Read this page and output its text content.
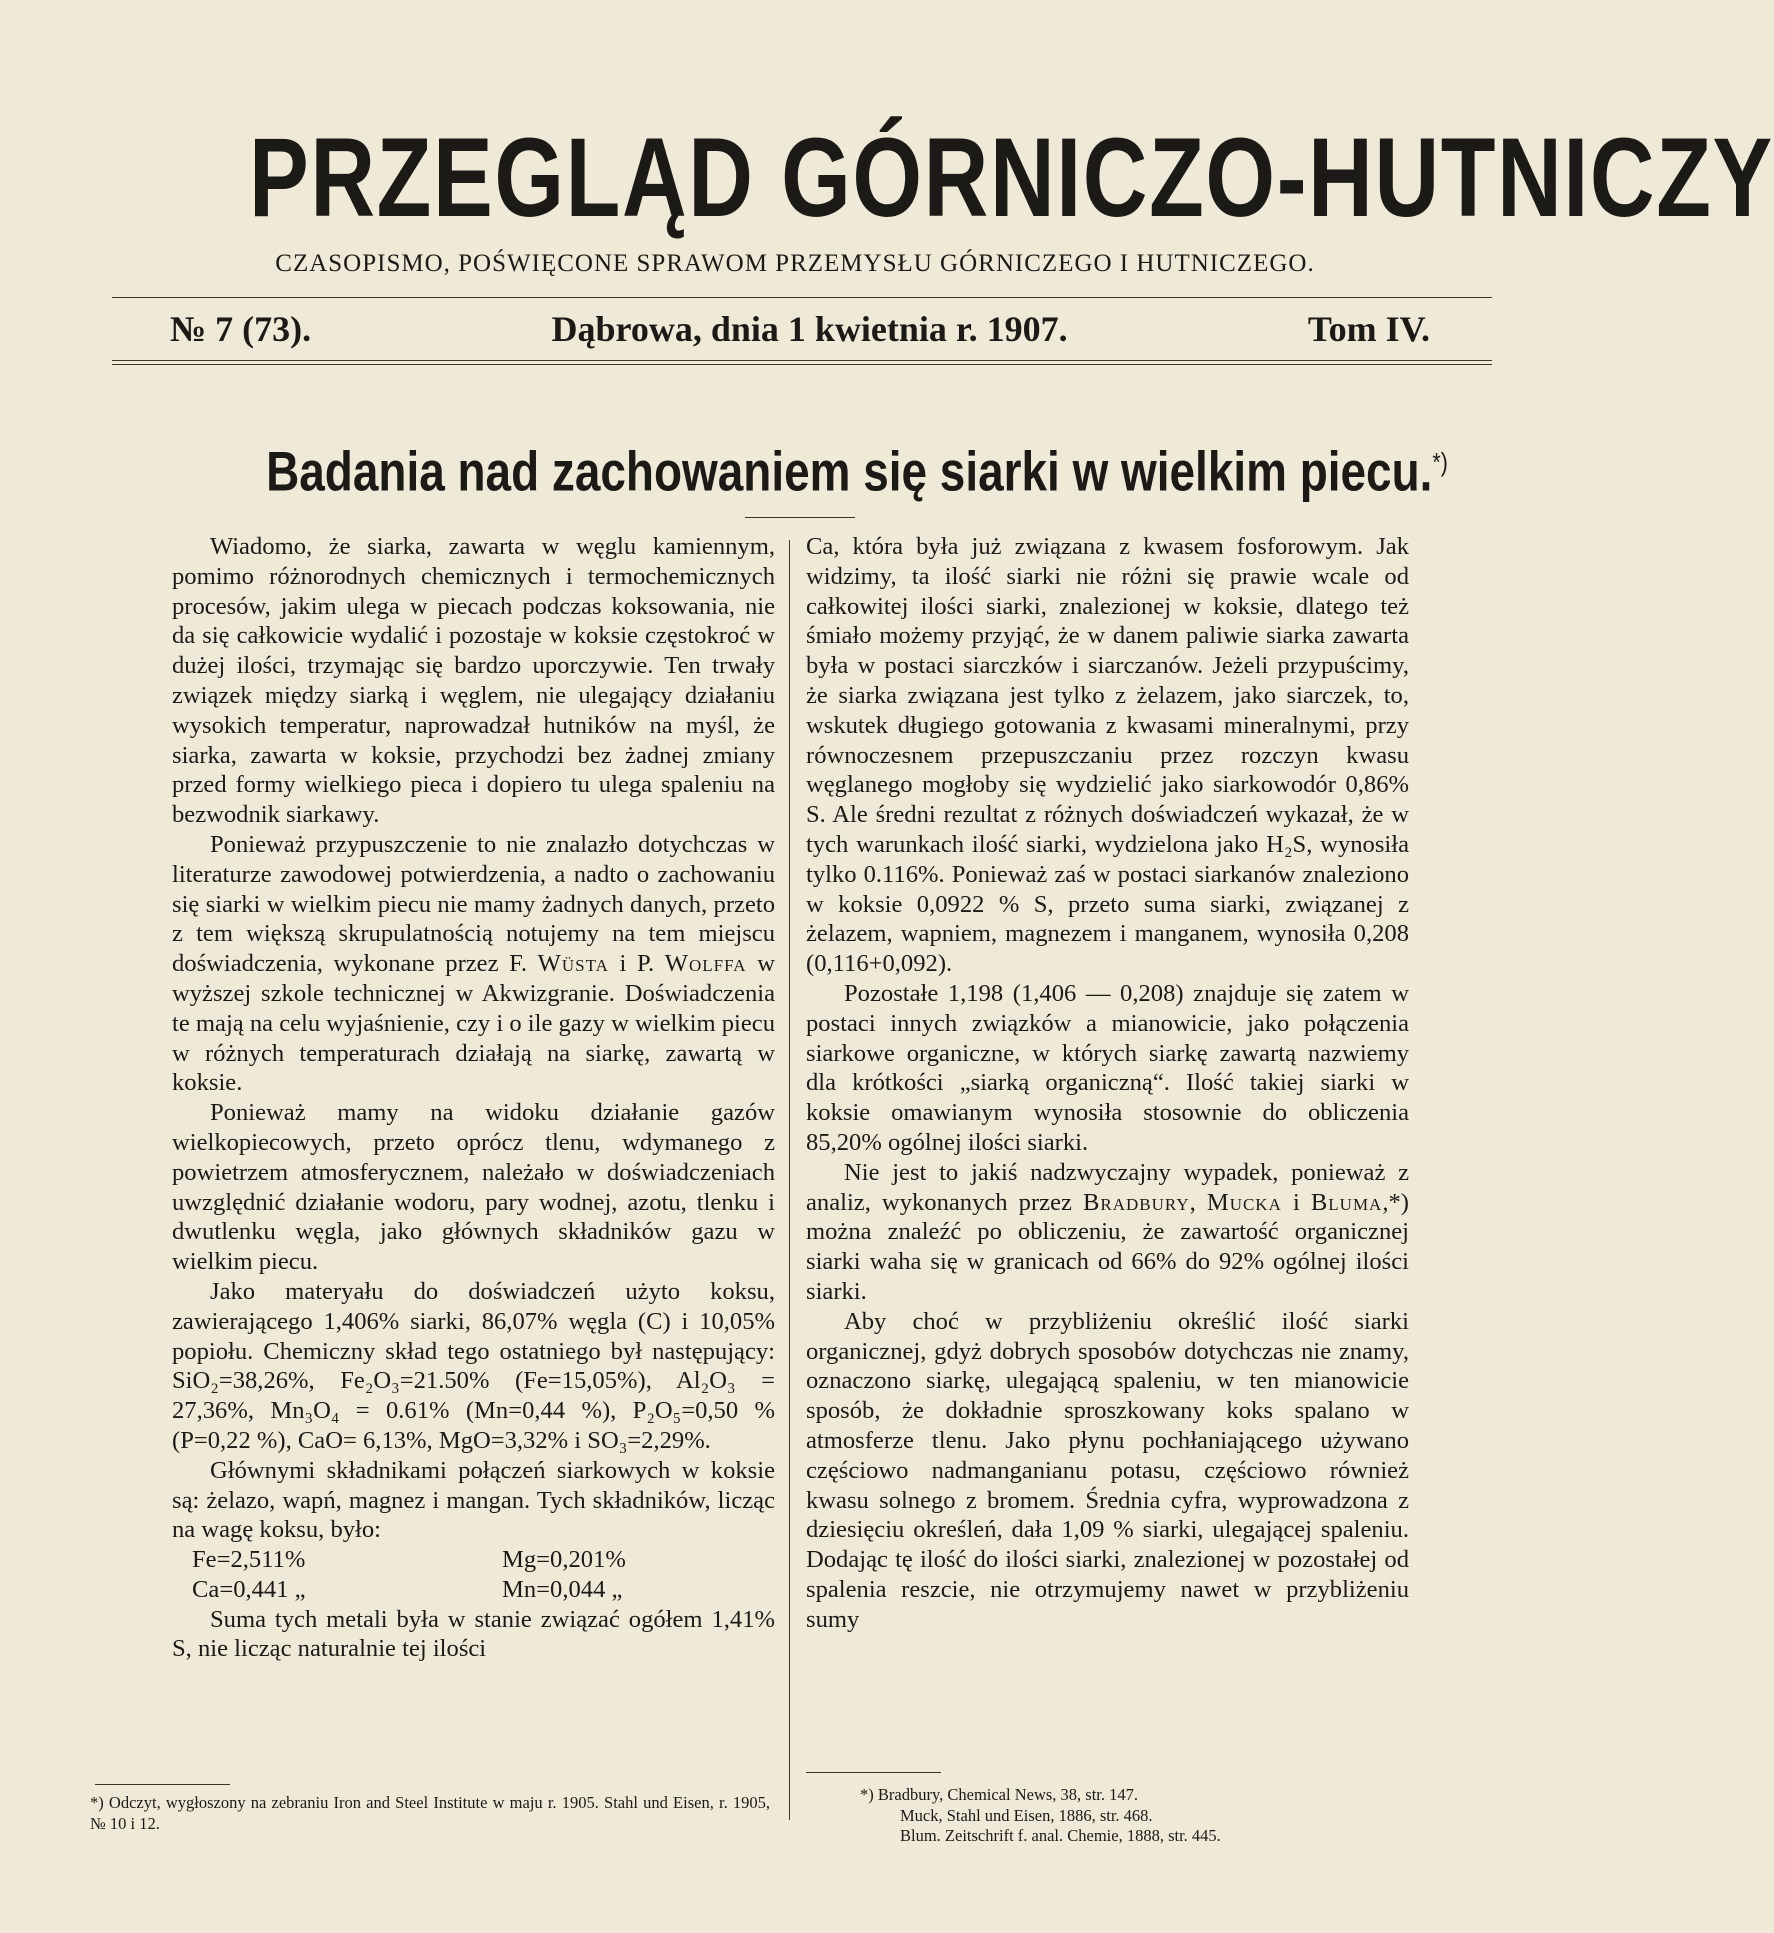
PRZEGLĄD GÓRNICZO-HUTNICZY
CZASOPISMO, POŚWIĘCONE SPRAWOM PRZEMYSŁU GÓRNICZEGO I HUTNICZEGO.
№ 7 (73).	Dąbrowa, dnia 1 kwietnia r. 1907.	Tom IV.
Badania nad zachowaniem się siarki w wielkim piecu.*)

Wiadomo, że siarka, zawarta w węglu kamiennym, pomimo różnorodnych chemicznych i termochemicznych procesów, jakim ulega w piecach podczas koksowania, nie da się całkowicie wydalić i pozostaje w koksie częstokroć w dużej ilości, trzymając się bardzo uporczywie. Ten trwały związek między siarką i węglem, nie ulegający działaniu wysokich temperatur, naprowadzał hutników na myśl, że siarka, zawarta w koksie, przychodzi bez żadnej zmiany przed formy wielkiego pieca i dopiero tu ulega spaleniu na bezwodnik siarkawy.

Ponieważ przypuszczenie to nie znalazło dotychczas w literaturze zawodowej potwierdzenia, a nadto o zachowaniu się siarki w wielkim piecu nie mamy żadnych danych, przeto z tem większą skrupulatnością notujemy na tem miejscu doświadczenia, wykonane przez F. Wüsta i P. Wolffa w wyższej szkole technicznej w Akwizgranie. Doświadczenia te mają na celu wyjaśnienie, czy i o ile gazy w wielkim piecu w różnych temperaturach działają na siarkę, zawartą w koksie.

Ponieważ mamy na widoku działanie gazów wielkopiecowych, przeto oprócz tlenu, wdymanego z powietrzem atmosferycznem, należało w doświadczeniach uwzględnić działanie wodoru, pary wodnej, azotu, tlenku i dwutlenku węgla, jako głównych składników gazu w wielkim piecu.

Jako materyału do doświadczeń użyto koksu, zawierającego 1,406% siarki, 86,07% węgla (C) i 10,05% popiołu. Chemiczny skład tego ostatniego był następujący: SiO₂=38,26%, Fe₂O₃=21.50% (Fe=15,05%), Al₂O₃ = 27,36%, Mn₃O₄ = 0.61% (Mn=0,44 %), P₂O₅=0,50 % (P=0,22 %), CaO= 6,13%, MgO=3,32% i SO₃=2,29%.

Głównymi składnikami połączeń siarkowych w koksie są: żelazo, wapń, magnez i mangan. Tych składników, licząc na wagę koksu, było:

Fe=2,511%	Mg=0,201%
Ca=0,441 „	Mn=0,044 „

Suma tych metali była w stanie związać ogółem 1,41% S, nie licząc naturalnie tej ilości

Ca, która była już związana z kwasem fosforowym. Jak widzimy, ta ilość siarki nie różni się prawie wcale od całkowitej ilości siarki, znalezionej w koksie, dlatego też śmiało możemy przyjąć, że w danem paliwie siarka zawarta była w postaci siarczków i siarczanów. Jeżeli przypuścimy, że siarka związana jest tylko z żelazem, jako siarczek, to, wskutek długiego gotowania z kwasami mineralnymi, przy równoczesnem przepuszczaniu przez rozczyn kwasu węglanego mogłoby się wydzielić jako siarkowodór 0,86% S. Ale średni rezultat z różnych doświadczeń wykazał, że w tych warunkach ilość siarki, wydzielona jako H₂S, wynosiła tylko 0.116%. Ponieważ zaś w postaci siarkanów znaleziono w koksie 0,0922 % S, przeto suma siarki, związanej z żelazem, wapniem, magnezem i manganem, wynosiła 0,208 (0,116+0,092).

Pozostałe 1,198 (1,406 — 0,208) znajduje się zatem w postaci innych związków a mianowicie, jako połączenia siarkowe organiczne, w których siarkę zawartą nazwiemy dla krótkości „siarką organiczną“. Ilość takiej siarki w koksie omawianym wynosiła stosownie do obliczenia 85,20% ogólnej ilości siarki.

Nie jest to jakiś nadzwyczajny wypadek, ponieważ z analiz, wykonanych przez Bradbury, Mucka i Bluma,*) można znaleźć po obliczeniu, że zawartość organicznej siarki waha się w granicach od 66% do 92% ogólnej ilości siarki.

Aby choć w przybliżeniu określić ilość siarki organicznej, gdyż dobrych sposobów dotychczas nie znamy, oznaczono siarkę, ulegającą spaleniu, w ten mianowicie sposób, że dokładnie sproszkowany koks spalano w atmosferze tlenu. Jako płynu pochłaniającego używano częściowo nadmanganianu potasu, częściowo również kwasu solnego z bromem. Średnia cyfra, wyprowadzona z dziesięciu określeń, dała 1,09 % siarki, ulegającej spaleniu. Dodając tę ilość do ilości siarki, znalezionej w pozostałej od spalenia reszcie, nie otrzymujemy nawet w przybliżeniu sumy

*) Odczyt, wygłoszony na zebraniu Iron and Steel Institute w maju r. 1905. Stahl und Eisen, r. 1905, № 10 i 12.
*) Bradbury, Chemical News, 38, str. 147.
Muck, Stahl und Eisen, 1886, str. 468.
Blum. Zeitschrift f. anal. Chemie, 1888, str. 445.
